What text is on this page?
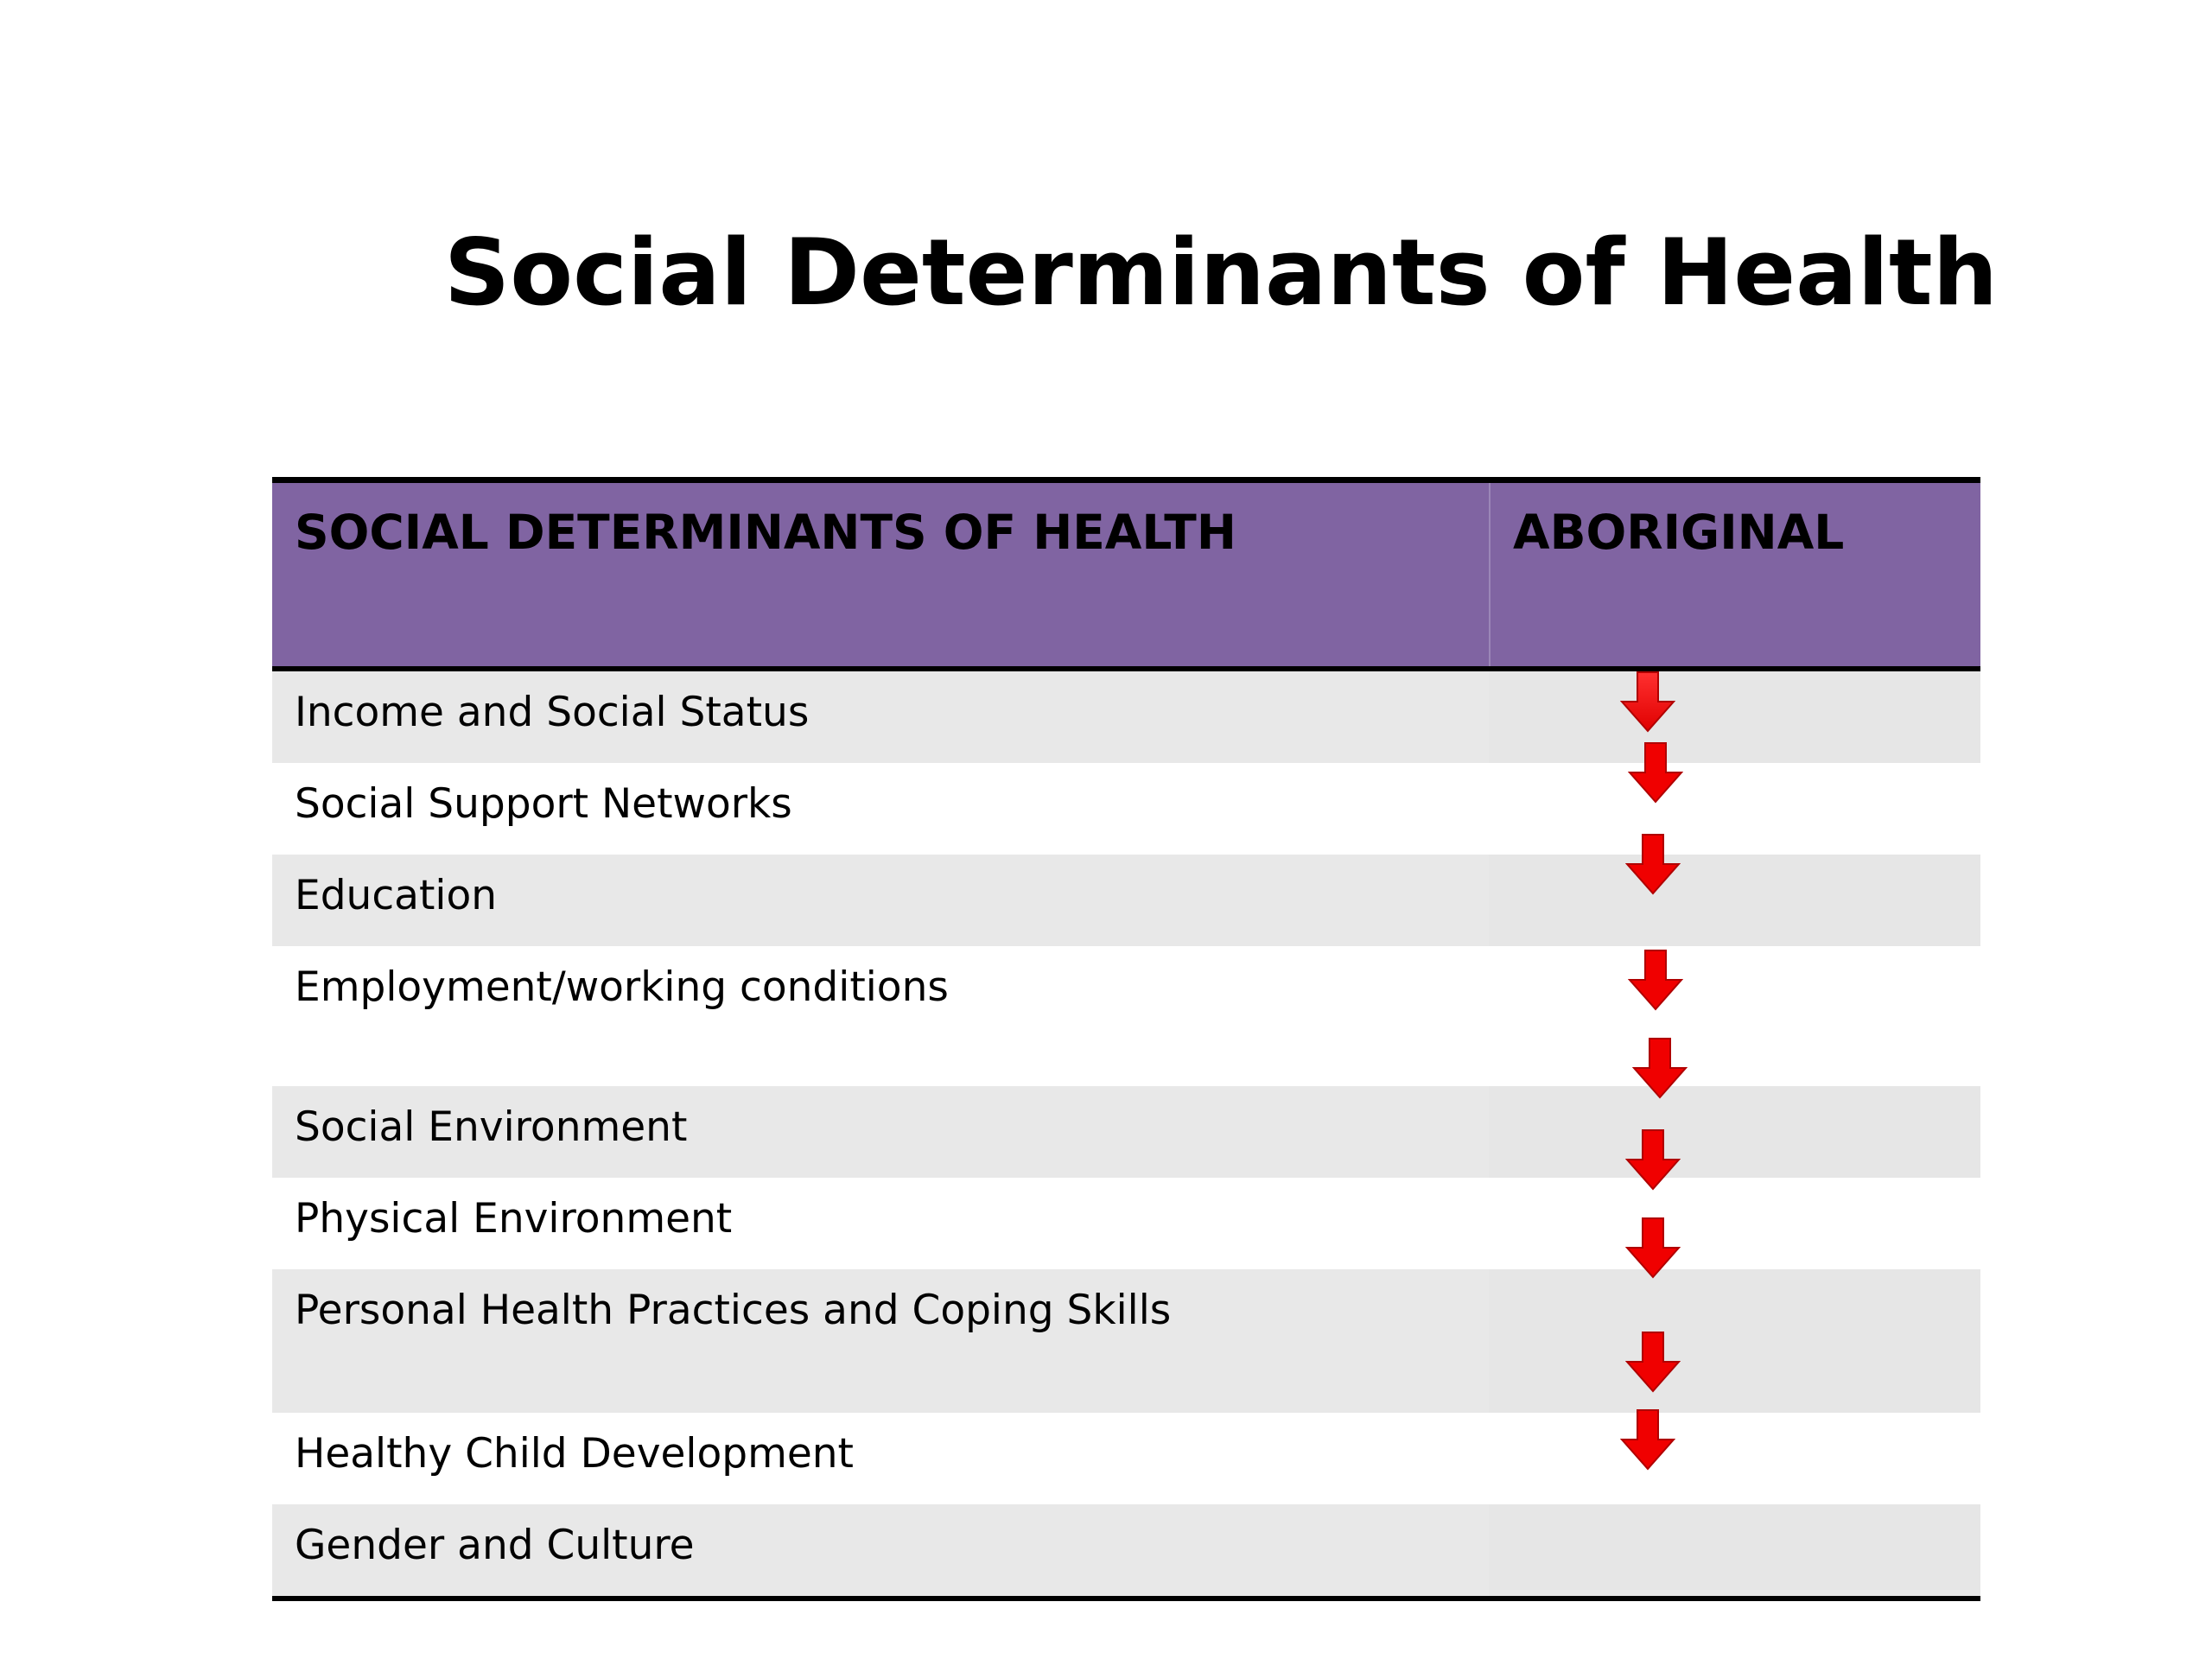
Social Determinants of Health
SOCIAL DETERMINANTS OF HEALTH	ABORIGINAL
Income and Social Status
Social Support Networks
Education
Employment/working conditions
Social Environment
Physical Environment
Personal Health Practices and Coping Skills
Healthy Child Development
Gender and Culture
